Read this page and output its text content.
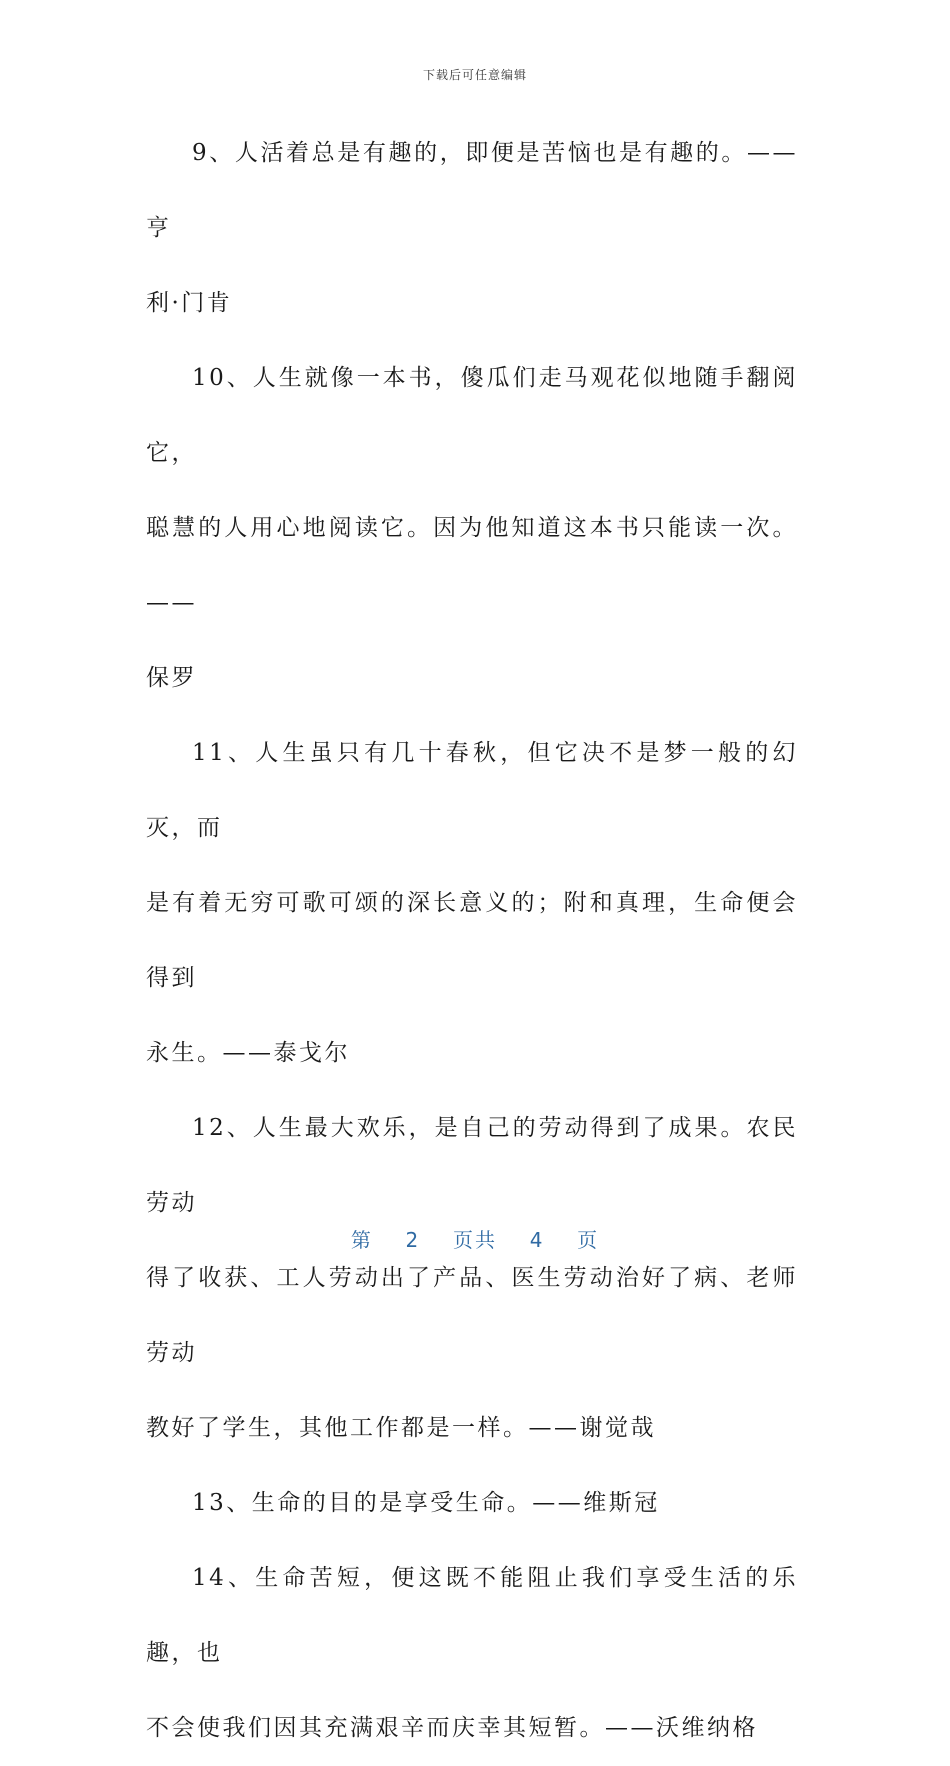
下载后可任意编辑

9、人活着总是有趣的，即便是苦恼也是有趣的。——亨
利·门肯

10、人生就像一本书，傻瓜们走马观花似地随手翻阅它，
聪慧的人用心地阅读它。因为他知道这本书只能读一次。——
保罗

11、人生虽只有几十春秋，但它决不是梦一般的幻灭，而
是有着无穷可歌可颂的深长意义的；附和真理，生命便会得到
永生。——泰戈尔

12、人生最大欢乐，是自己的劳动得到了成果。农民劳动
得了收获、工人劳动出了产品、医生劳动治好了病、老师劳动
教好了学生，其他工作都是一样。——谢觉哉

13、生命的目的是享受生命。——维斯冠

14、生命苦短，便这既不能阻止我们享受生活的乐趣，也
不会使我们因其充满艰辛而庆幸其短暂。——沃维纳格

第 2 页共 4 页
